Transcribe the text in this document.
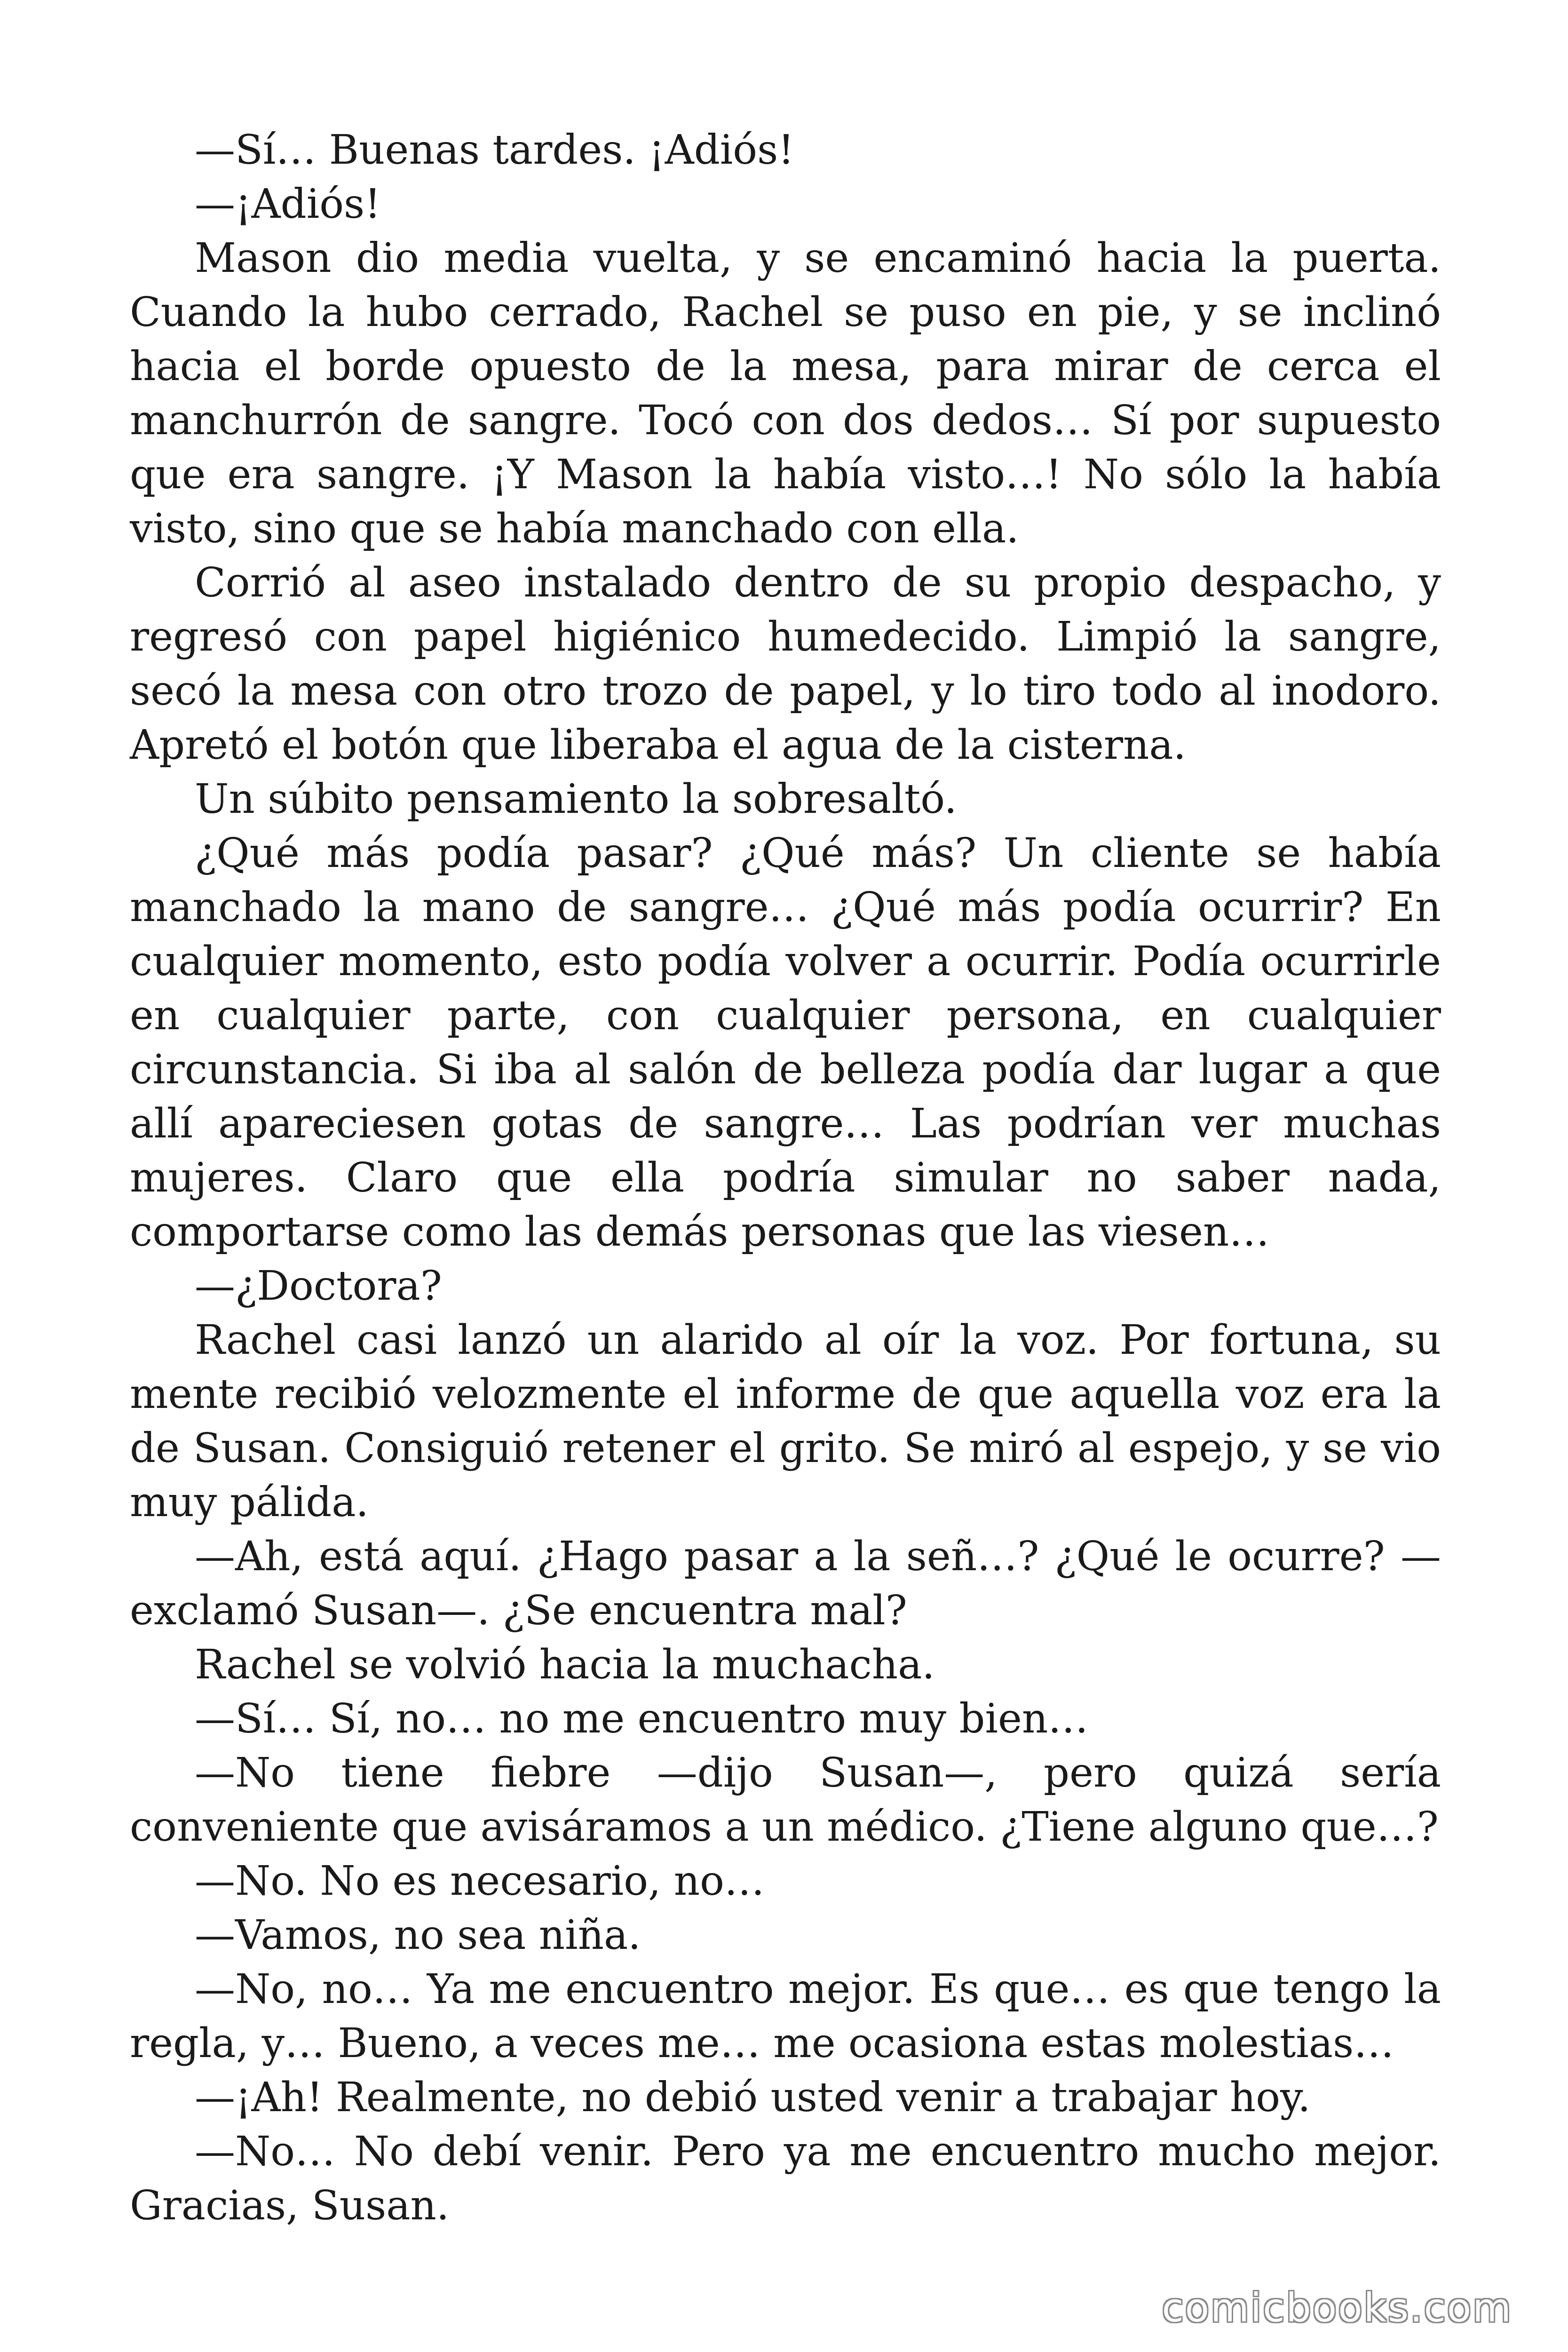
—Sí… Buenas tardes. ¡Adiós!

—¡Adiós!

Mason dio media vuelta, y se encaminó hacia la puerta. Cuando la hubo cerrado, Rachel se puso en pie, y se inclinó hacia el borde opuesto de la mesa, para mirar de cerca el manchurrón de sangre. Tocó con dos dedos… Sí por supuesto que era sangre. ¡Y Mason la había visto…! No sólo la había visto, sino que se había manchado con ella.

Corrió al aseo instalado dentro de su propio despacho, y regresó con papel higiénico humedecido. Limpió la sangre, secó la mesa con otro trozo de papel, y lo tiro todo al inodoro. Apretó el botón que liberaba el agua de la cisterna.

Un súbito pensamiento la sobresaltó.

¿Qué más podía pasar? ¿Qué más? Un cliente se había manchado la mano de sangre… ¿Qué más podía ocurrir? En cualquier momento, esto podía volver a ocurrir. Podía ocurrirle en cualquier parte, con cualquier persona, en cualquier circunstancia. Si iba al salón de belleza podía dar lugar a que allí apareciesen gotas de sangre… Las podrían ver muchas mujeres. Claro que ella podría simular no saber nada, comportarse como las demás personas que las viesen…

—¿Doctora?

Rachel casi lanzó un alarido al oír la voz. Por fortuna, su mente recibió velozmente el informe de que aquella voz era la de Susan. Consiguió retener el grito. Se miró al espejo, y se vio muy pálida.

—Ah, está aquí. ¿Hago pasar a la señ…? ¿Qué le ocurre? —exclamó Susan—. ¿Se encuentra mal?

Rachel se volvió hacia la muchacha.

—Sí… Sí, no… no me encuentro muy bien…

—No tiene fiebre —dijo Susan—, pero quizá sería conveniente que avisáramos a un médico. ¿Tiene alguno que…?

—No. No es necesario, no…

—Vamos, no sea niña.

—No, no… Ya me encuentro mejor. Es que… es que tengo la regla, y… Bueno, a veces me… me ocasiona estas molestias…

—¡Ah! Realmente, no debió usted venir a trabajar hoy.

—No… No debí venir. Pero ya me encuentro mucho mejor. Gracias, Susan.

comicbooks.com
